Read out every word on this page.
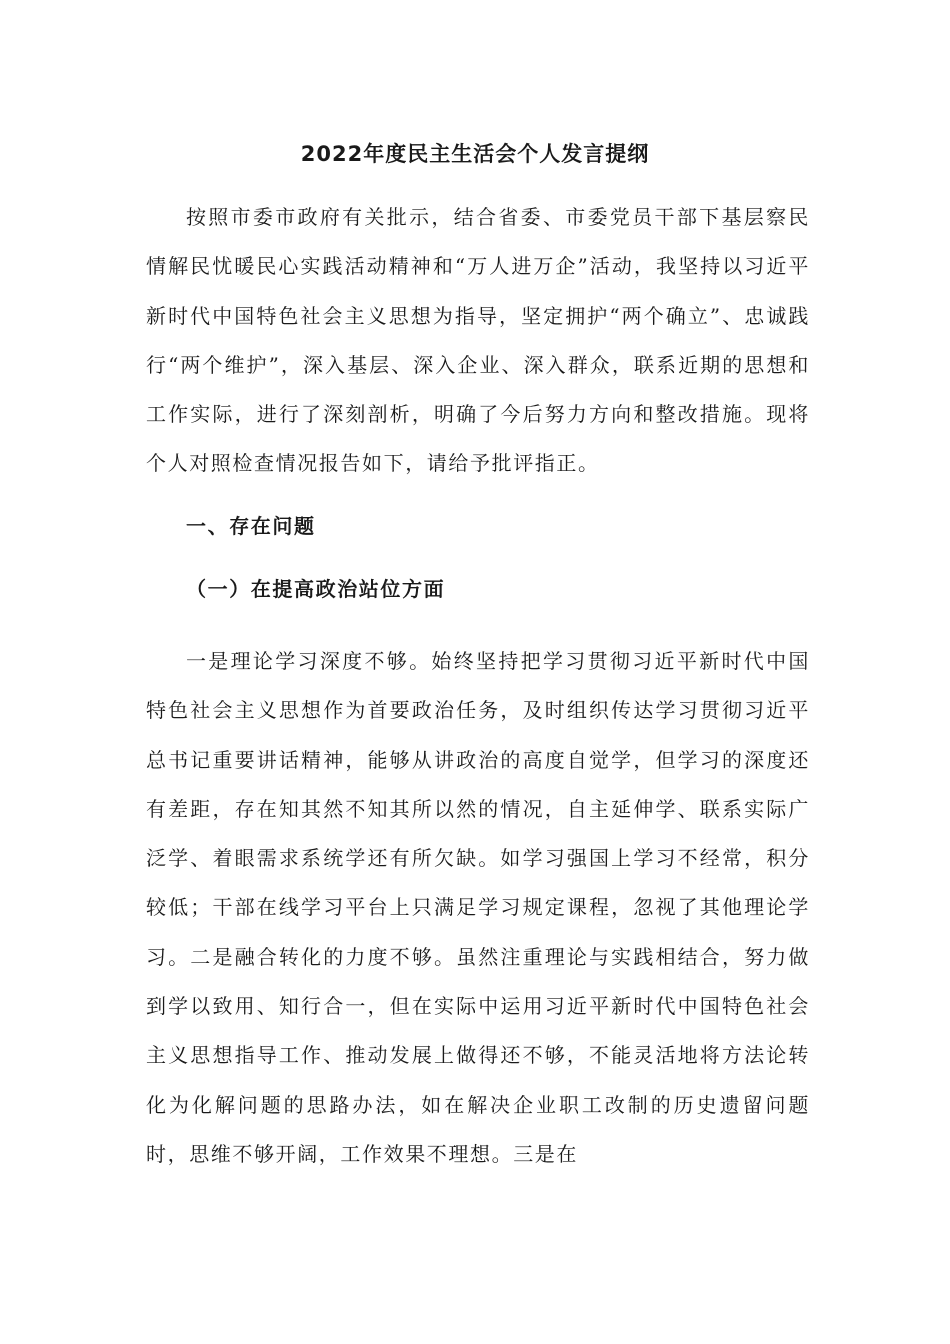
2022年度民主生活会个人发言提纲

按照市委市政府有关批示，结合省委、市委党员干部下基层察民情解民忧暖民心实践活动精神和“万人进万企”活动，我坚持以习近平新时代中国特色社会主义思想为指导，坚定拥护“两个确立”、忠诚践行“两个维护”，深入基层、深入企业、深入群众，联系近期的思想和工作实际，进行了深刻剖析，明确了今后努力方向和整改措施。现将个人对照检查情况报告如下，请给予批评指正。

一、存在问题

（一）在提高政治站位方面

一是理论学习深度不够。始终坚持把学习贯彻习近平新时代中国特色社会主义思想作为首要政治任务，及时组织传达学习贯彻习近平总书记重要讲话精神，能够从讲政治的高度自觉学，但学习的深度还有差距，存在知其然不知其所以然的情况，自主延伸学、联系实际广泛学、着眼需求系统学还有所欠缺。如学习强国上学习不经常，积分较低；干部在线学习平台上只满足学习规定课程，忽视了其他理论学习。二是融合转化的力度不够。虽然注重理论与实践相结合，努力做到学以致用、知行合一，但在实际中运用习近平新时代中国特色社会主义思想指导工作、推动发展上做得还不够，不能灵活地将方法论转化为化解问题的思路办法，如在解决企业职工改制的历史遗留问题时，思维不够开阔，工作效果不理想。三是在
